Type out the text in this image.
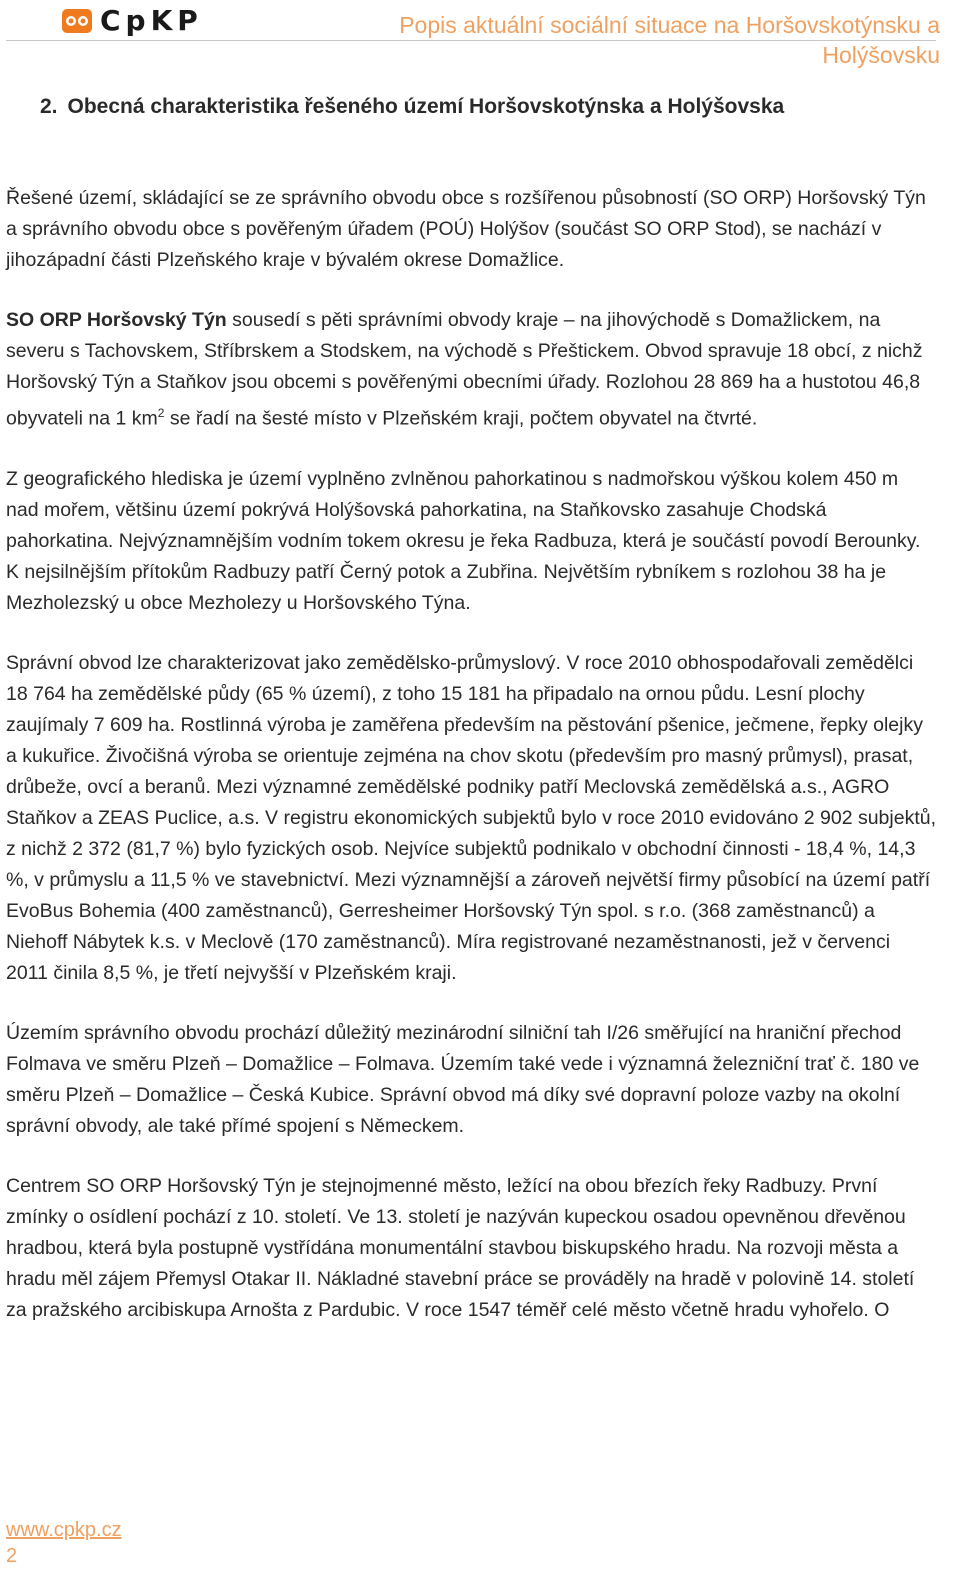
CpKP	Popis aktuální sociální situace na Horšovskotýnsku a Holýšovsku
2. Obecná charakteristika řešeného území Horšovskotýnska a Holýšovska

Řešené území, skládající se ze správního obvodu obce s rozšířenou působností (SO ORP) Horšovský Týn a správního obvodu obce s pověřeným úřadem (POÚ) Holýšov (součást SO ORP Stod), se nachází v jihozápadní části Plzeňského kraje v bývalém okrese Domažlice.

SO ORP Horšovský Týn sousedí s pěti správními obvody kraje – na jihovýchodě s Domažlickem, na severu s Tachovskem, Stříbrskem a Stodskem, na východě s Přeštickem. Obvod spravuje 18 obcí, z nichž Horšovský Týn a Staňkov jsou obcemi s pověřenými obecními úřady. Rozlohou 28 869 ha a hustotou 46,8 obyvateli na 1 $km^2$ se řadí na šesté místo v Plzeňském kraji, počtem obyvatel na čtvrté.

Z geografického hlediska je území vyplněno zvlněnou pahorkatinou s nadmořskou výškou kolem 450 m nad mořem, většinu území pokrývá Holýšovská pahorkatina, na Staňkovsko zasahuje Chodská pahorkatina. Nejvýznamnějším vodním tokem okresu je řeka Radbuza, která je součástí povodí Berounky. K nejsilnějším přítokům Radbuzy patří Černý potok a Zubřina. Největším rybníkem s rozlohou 38 ha je Mezholezský u obce Mezholezy u Horšovského Týna.

Správní obvod lze charakterizovat jako zemědělsko-průmyslový. V roce 2010 obhospodařovali zemědělci 18 764 ha zemědělské půdy (65 % území), z toho 15 181 ha připadalo na ornou půdu. Lesní plochy zaujímaly 7 609 ha. Rostlinná výroba je zaměřena především na pěstování pšenice, ječmene, řepky olejky a kukuřice. Živočišná výroba se orientuje zejména na chov skotu (především pro masný průmysl), prasat, drůbeže, ovcí a beranů. Mezi významné zemědělské podniky patří Meclovská zemědělská a.s., AGRO Staňkov a ZEAS Puclice, a.s. V registru ekonomických subjektů bylo v roce 2010 evidováno 2 902 subjektů, z nichž 2 372 (81,7 %) bylo fyzických osob. Nejvíce subjektů podnikalo v obchodní činnosti - 18,4 %, 14,3 %, v průmyslu a 11,5 % ve stavebnictví. Mezi významnější a zároveň největší firmy působící na území patří EvoBus Bohemia (400 zaměstnanců), Gerresheimer Horšovský Týn spol. s r.o. (368 zaměstnanců) a Niehoff Nábytek k.s. v Meclově (170 zaměstnanců). Míra registrované nezaměstnanosti, jež v červenci 2011 činila 8,5 %, je třetí nejvyšší v Plzeňském kraji.

Územím správního obvodu prochází důležitý mezinárodní silniční tah I/26 směřující na hraniční přechod Folmava ve směru Plzeň – Domažlice – Folmava. Územím také vede i významná železniční trať č. 180 ve směru Plzeň – Domažlice – Česká Kubice. Správní obvod má díky své dopravní poloze vazby na okolní správní obvody, ale také přímé spojení s Německem.

Centrem SO ORP Horšovský Týn je stejnojmenné město, ležící na obou březích řeky Radbuzy. První zmínky o osídlení pochází z 10. století. Ve 13. století je nazýván kupeckou osadou opevněnou dřevěnou hradbou, která byla postupně vystřídána monumentální stavbou biskupského hradu. Na rozvoji města a hradu měl zájem Přemysl Otakar II. Nákladné stavební práce se prováděly na hradě v polovině 14. století za pražského arcibiskupa Arnošta z Pardubic. V roce 1547 téměř celé město včetně hradu vyhořelo. O

www.cpkp.cz
2
